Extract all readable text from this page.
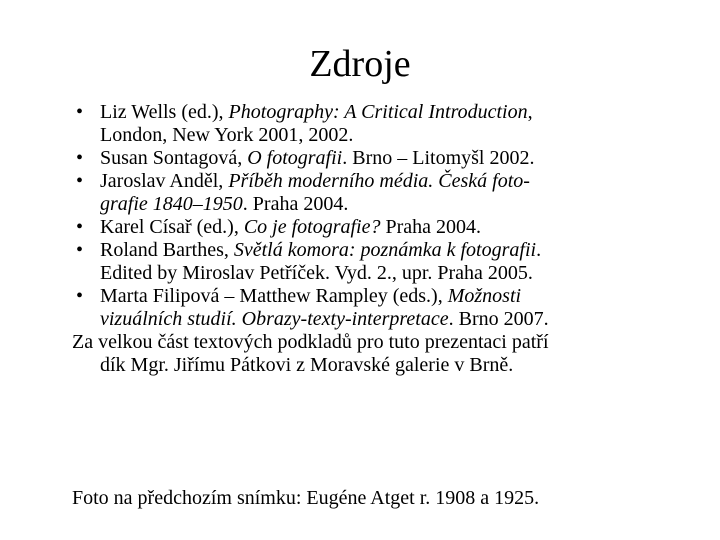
Zdroje
• Liz Wells (ed.), Photography: A Critical Introduction,
London, New York 2001, 2002.
• Susan Sontagová, O fotografii. Brno – Litomyšl 2002.
• Jaroslav Anděl, Příběh moderního média. Česká foto-
grafie 1840–1950. Praha 2004.
• Karel Císař (ed.), Co je fotografie? Praha 2004.
• Roland Barthes, Světlá komora: poznámka k fotografii.
Edited by Miroslav Petříček. Vyd. 2., upr. Praha 2005.
• Marta Filipová – Matthew Rampley (eds.), Možnosti
vizuálních studií. Obrazy-texty-interpretace. Brno 2007.
Za velkou část textových podkladů pro tuto prezentaci patří
dík Mgr. Jiřímu Pátkovi z Moravské galerie v Brně.
Foto na předchozím snímku: Eugéne Atget r. 1908 a 1925.
